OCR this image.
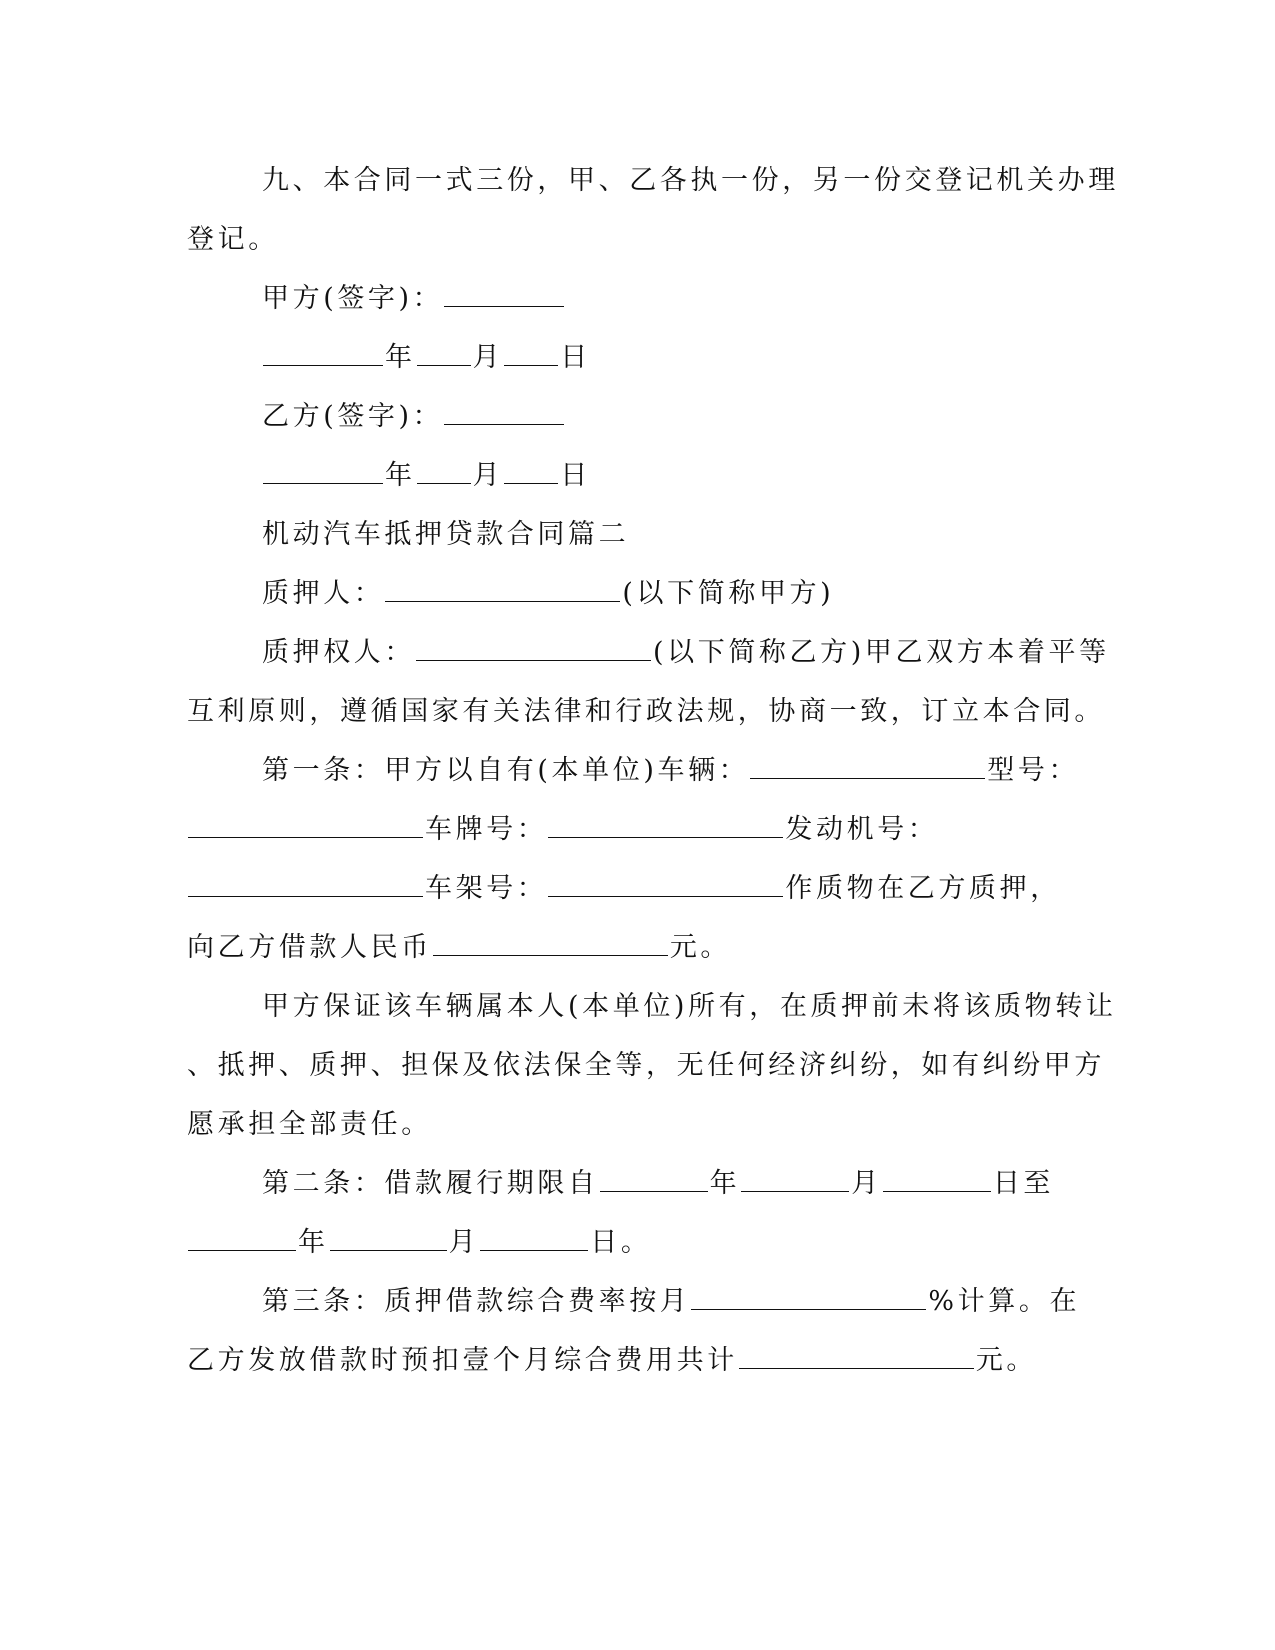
九、本合同一式三份，甲、乙各执一份，另一份交登记机关办理
登记。
甲方(签字)：
年 月 日
乙方(签字)：
年 月 日
机动汽车抵押贷款合同篇二
质押人：	(以下简称甲方)
质押权人：	(以下简称乙方)甲乙双方本着平等
互利原则，遵循国家有关法律和行政法规，协商一致，订立本合同。
第一条：甲方以自有(本单位)车辆：	型号：
车牌号：	发动机号：
车架号：	作质物在乙方质押，
向乙方借款人民币	元。
甲方保证该车辆属本人(本单位)所有，在质押前未将该质物转让
、抵押、质押、担保及依法保全等，无任何经济纠纷，如有纠纷甲方
愿承担全部责任。
第二条：借款履行期限自	年	月	日至
年	月	日。
第三条：质押借款综合费率按月	%计算。在
乙方发放借款时预扣壹个月综合费用共计	元。
